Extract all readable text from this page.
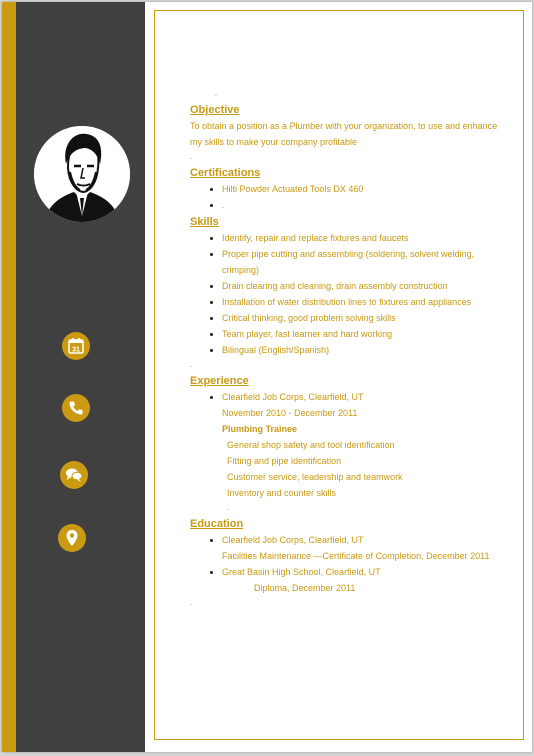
31
.

Objective

To obtain a position as a Plumber with your organization, to use and enhance my skills to make your company profitable

.

Certifications

• Hilti Powder Actuated Tools DX 460
• .

Skills

• Identify, repair and replace fixtures and faucets
• Proper pipe cutting and assembling (soldering, solvent welding, crimping)
• Drain clearing and cleaning, drain assembly construction
• Installation of water distribution lines to fixtures and appliances
• Critical thinking, good problem solving skills
• Team player, fast learner and hard working
• Bilingual (English/Spanish)
.

Experience

• Clearfield Job Corps, Clearfield, UT
November 2010 - December 2011
Plumbing Trainee
General shop safety and tool identification
Fitting and pipe identification
Customer service, leadership and teamwork
Inventory and counter skills
.

Education

• Clearfield Job Corps, Clearfield, UT
Facilities Maintenance —Certificate of Completion, December 2011
• Great Basin High School, Clearfield, UT
Diploma, December 2011
.
